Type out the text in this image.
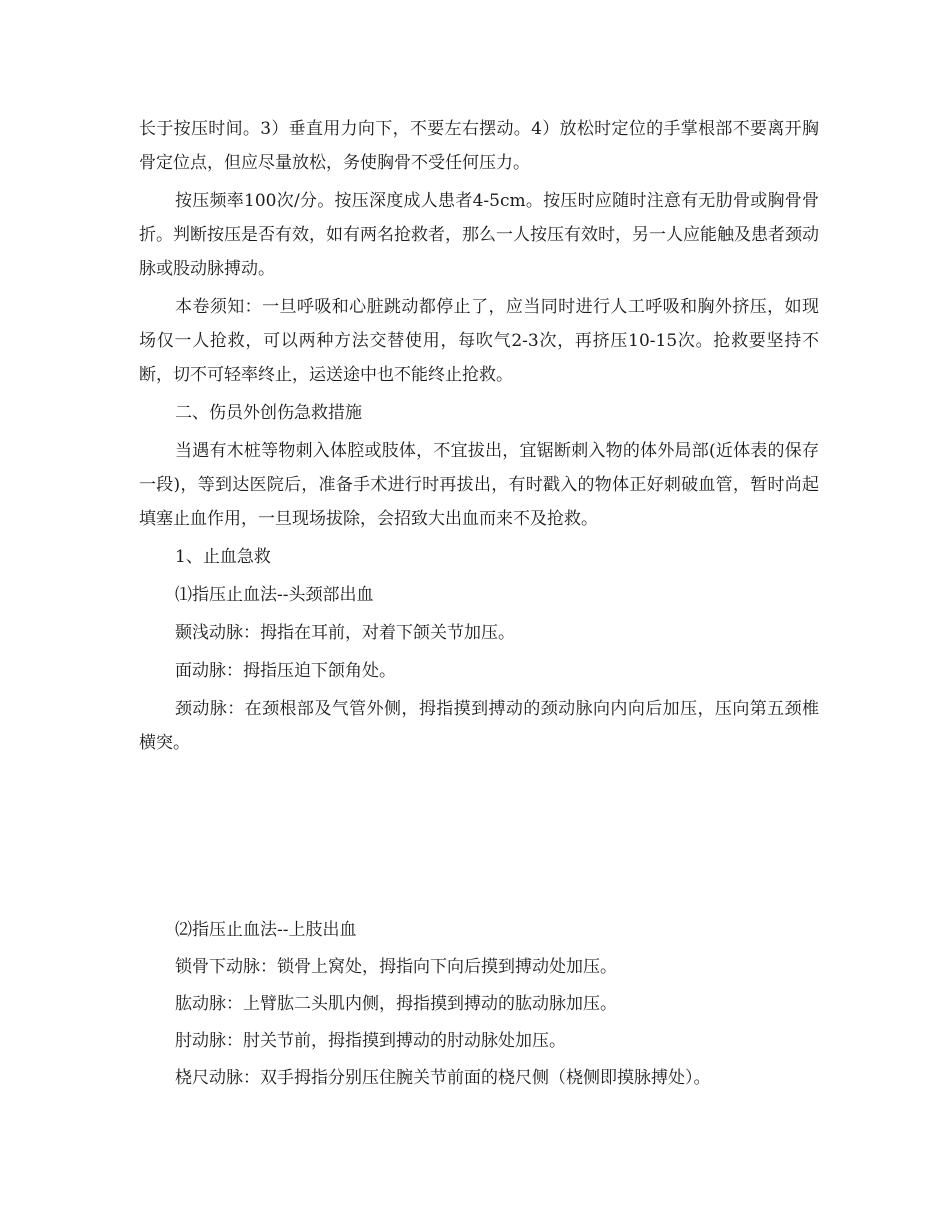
长于按压时间。3）垂直用力向下，不要左右摆动。4）放松时定位的手掌根部不要离开胸骨定位点，但应尽量放松，务使胸骨不受任何压力。

按压频率100次/分。按压深度成人患者4-5cm。按压时应随时注意有无肋骨或胸骨骨折。判断按压是否有效，如有两名抢救者，那么一人按压有效时，另一人应能触及患者颈动脉或股动脉搏动。

本卷须知：一旦呼吸和心脏跳动都停止了，应当同时进行人工呼吸和胸外挤压，如现场仅一人抢救，可以两种方法交替使用，每吹气2-3次，再挤压10-15次。抢救要坚持不断，切不可轻率终止，运送途中也不能终止抢救。

二、伤员外创伤急救措施

当遇有木桩等物刺入体腔或肢体，不宜拔出，宜锯断刺入物的体外局部(近体表的保存一段)，等到达医院后，准备手术进行时再拔出，有时戳入的物体正好刺破血管，暂时尚起填塞止血作用，一旦现场拔除，会招致大出血而来不及抢救。

1、止血急救

⑴指压止血法--头颈部出血

颞浅动脉：拇指在耳前，对着下颌关节加压。

面动脉：拇指压迫下颌角处。

颈动脉：在颈根部及气管外侧，拇指摸到搏动的颈动脉向内向后加压，压向第五颈椎横突。

⑵指压止血法--上肢出血

锁骨下动脉：锁骨上窝处，拇指向下向后摸到搏动处加压。

肱动脉：上臂肱二头肌内侧，拇指摸到搏动的肱动脉加压。

肘动脉：肘关节前，拇指摸到搏动的肘动脉处加压。

桡尺动脉：双手拇指分别压住腕关节前面的桡尺侧（桡侧即摸脉搏处）。
